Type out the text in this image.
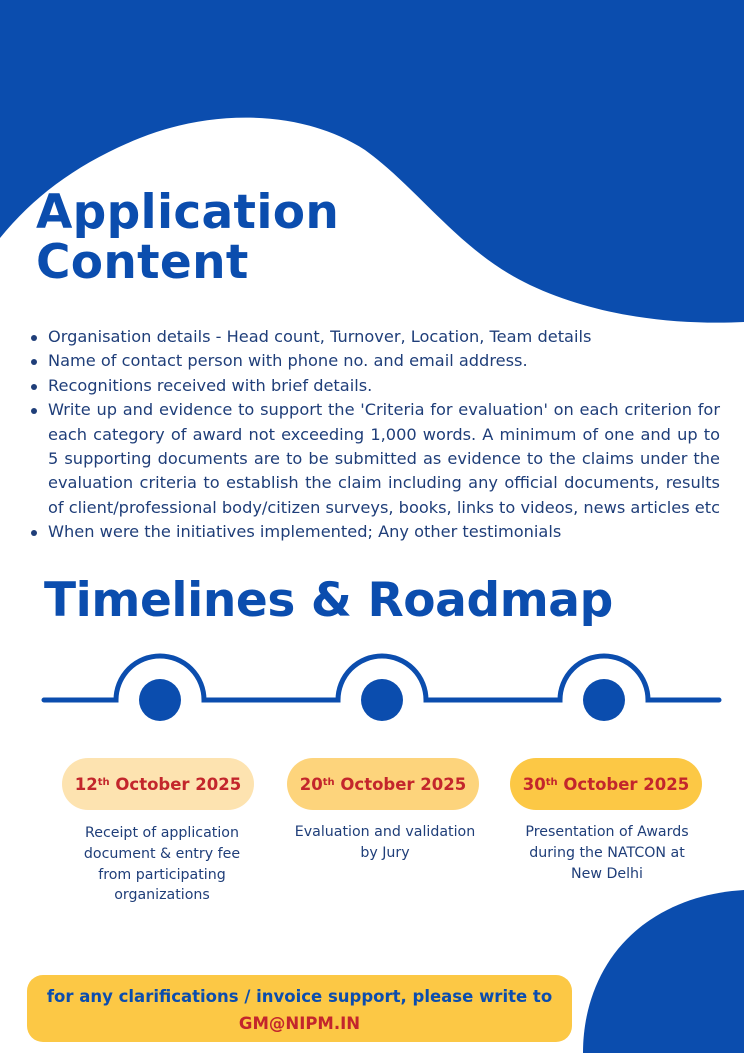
Application
Content
Organisation details - Head count, Turnover, Location, Team details
Name of contact person with phone no. and email address.
Recognitions received with brief details.
Write up and evidence to support the 'Criteria for evaluation' on each criterion for each category of award not exceeding 1,000 words. A minimum of one and up to 5 supporting documents are to be submitted as evidence to the claims under the evaluation criteria to establish the claim including any official documents, results of client/professional body/citizen surveys, books, links to videos, news articles etc
When were the initiatives implemented; Any other testimonials
Timelines & Roadmap
12th
October 2025
Receipt of application document & entry fee from participating organizations
20th
October 2025
Evaluation and validation by Jury
30th
October 2025
Presentation of Awards during the NATCON at New Delhi
for any clarifications / invoice support, please write to
GM@NIPM.IN
